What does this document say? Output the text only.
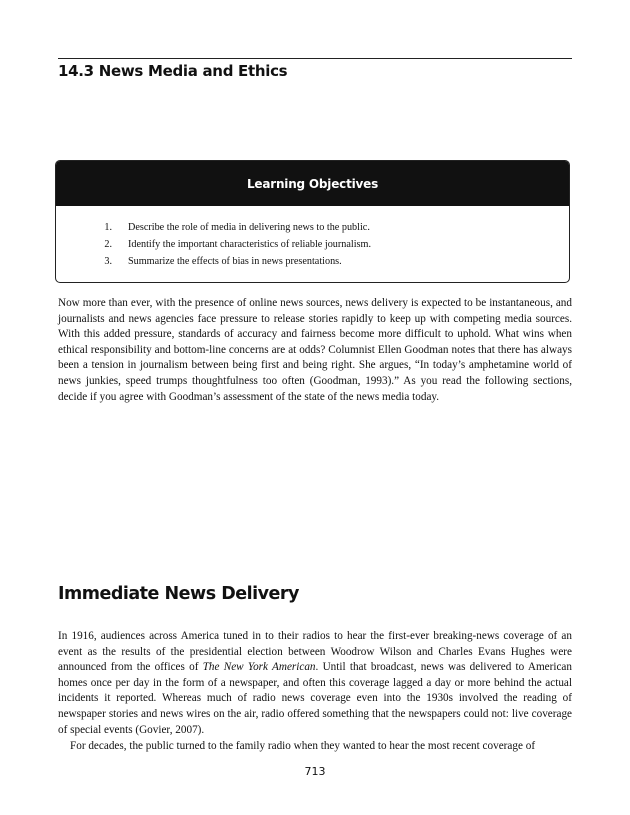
14.3 News Media and Ethics
Learning Objectives
1. Describe the role of media in delivering news to the public.
2. Identify the important characteristics of reliable journalism.
3. Summarize the effects of bias in news presentations.

Now more than ever, with the presence of online news sources, news delivery is expected to be instantaneous, and journalists and news agencies face pressure to release stories rapidly to keep up with competing media sources. With this added pressure, standards of accuracy and fairness become more difficult to uphold. What wins when ethical responsibility and bottom-line concerns are at odds? Columnist Ellen Goodman notes that there has always been a tension in journalism between being first and being right. She argues, “In today’s amphetamine world of news junkies, speed trumps thoughtfulness too often (Goodman, 1993).” As you read the following sections, decide if you agree with Goodman’s assessment of the state of the news media today.

Immediate News Delivery

In 1916, audiences across America tuned in to their radios to hear the first-ever breaking-news coverage of an event as the results of the presidential election between Woodrow Wilson and Charles Evans Hughes were announced from the offices of The New York American. Until that broadcast, news was delivered to American homes once per day in the form of a newspaper, and often this coverage lagged a day or more behind the actual incidents it reported. Whereas much of radio news coverage even into the 1930s involved the reading of newspaper stories and news wires on the air, radio offered something that the newspapers could not: live coverage of special events (Govier, 2007).

For decades, the public turned to the family radio when they wanted to hear the most recent coverage of

713
